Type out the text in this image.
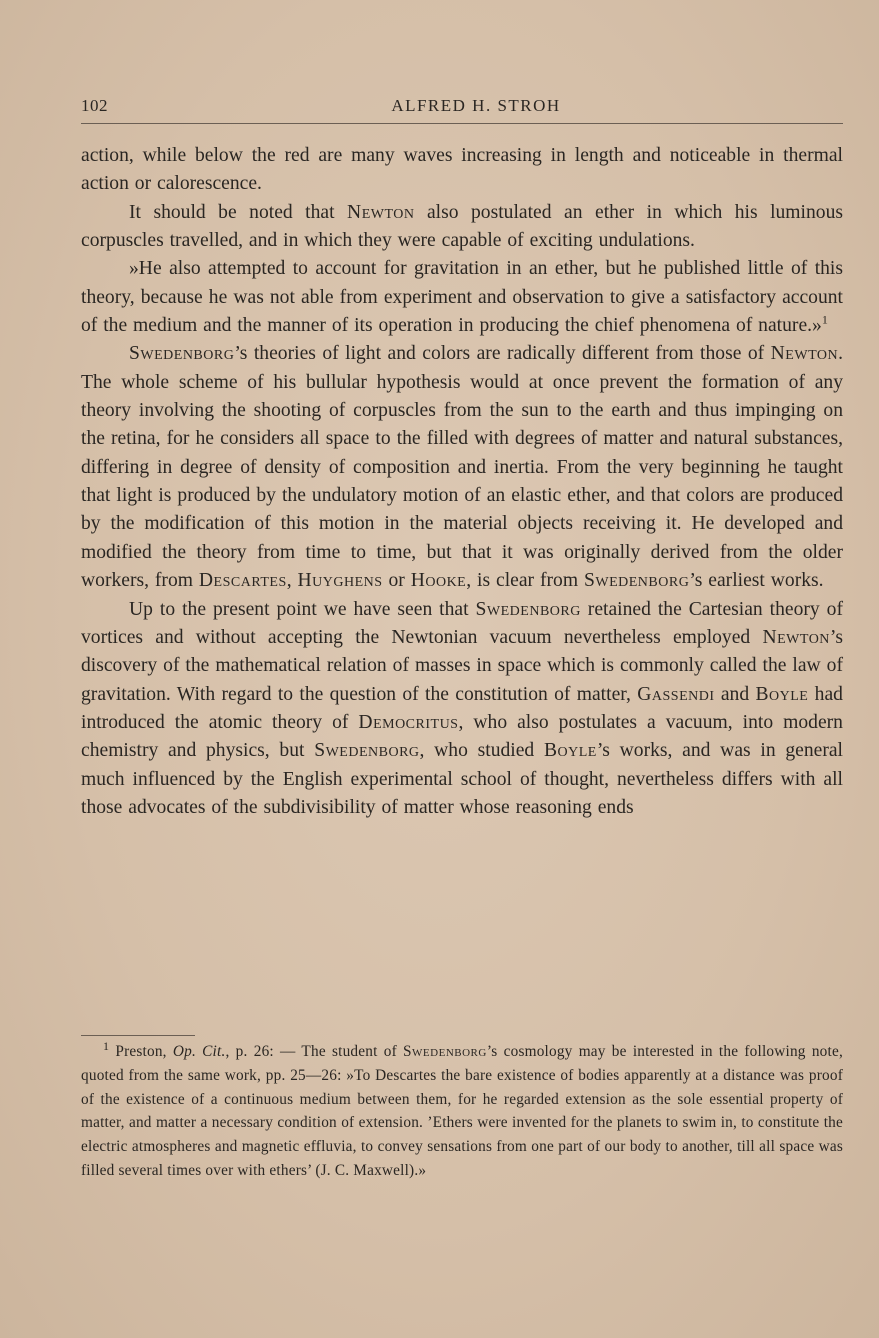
102	ALFRED H. STROH

action, while below the red are many waves increasing in length and noticeable in thermal action or calorescence.

It should be noted that Newton also postulated an ether in which his luminous corpuscles travelled, and in which they were capable of exciting undulations.

»He also attempted to account for gravitation in an ether, but he published little of this theory, because he was not able from experiment and observation to give a satisfactory account of the medium and the manner of its operation in producing the chief phenomena of nature.»$^1$

Swedenborg’s theories of light and colors are radically different from those of Newton. The whole scheme of his bullular hypothesis would at once prevent the formation of any theory involving the shooting of corpuscles from the sun to the earth and thus impinging on the retina, for he considers all space to the filled with degrees of matter and natural substances, differing in degree of density of composition and inertia. From the very beginning he taught that light is produced by the undulatory motion of an elastic ether, and that colors are produced by the modification of this motion in the material objects receiving it. He developed and modified the theory from time to time, but that it was originally derived from the older workers, from Descartes, Huyghens or Hooke, is clear from Swedenborg’s earliest works.

Up to the present point we have seen that Swedenborg retained the Cartesian theory of vortices and without accepting the Newtonian vacuum nevertheless employed Newton’s discovery of the mathematical relation of masses in space which is commonly called the law of gravitation. With regard to the question of the constitution of matter, Gassendi and Boyle had introduced the atomic theory of Democritus, who also postulates a vacuum, into modern chemistry and physics, but Swedenborg, who studied Boyle’s works, and was in general much influenced by the English experimental school of thought, nevertheless differs with all those advocates of the subdivisibility of matter whose reasoning ends

$^1$ Preston, Op. Cit., p. 26: — The student of Swedenborg’s cosmology may be interested in the following note, quoted from the same work, pp. 25—26: »To Descartes the bare existence of bodies apparently at a distance was proof of the existence of a continuous medium between them, for he regarded extension as the sole essential property of matter, and matter a necessary condition of extension. ’Ethers were invented for the planets to swim in, to constitute the electric atmospheres and magnetic effluvia, to convey sensations from one part of our body to another, till all space was filled several times over with ethers’ (J. C. Maxwell).»
